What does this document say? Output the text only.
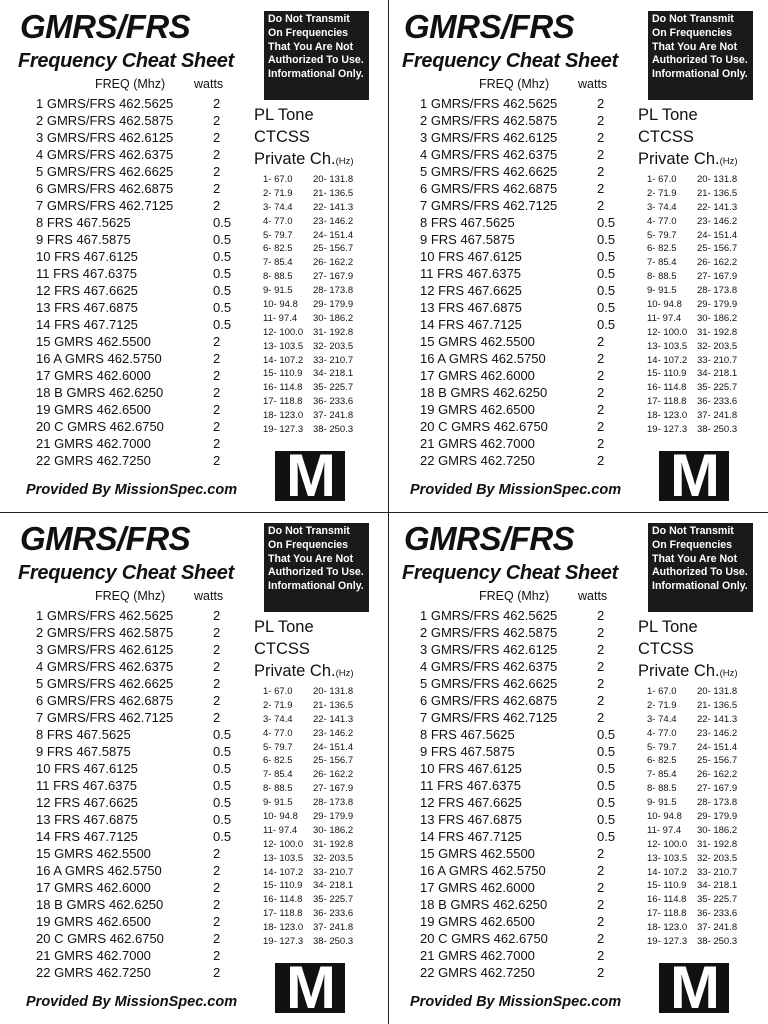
GMRS/FRS
Frequency Cheat Sheet
Do Not Transmit On Frequencies That You Are Not Authorized To Use. Informational Only.
FREQ (Mhz) watts
1 GMRS/FRS 462.5625	2
2 GMRS/FRS 462.5875	2
3 GMRS/FRS 462.6125	2
4 GMRS/FRS 462.6375	2
5 GMRS/FRS 462.6625	2
6 GMRS/FRS 462.6875	2
7 GMRS/FRS 462.7125	2
8 FRS 467.5625	0.5
9 FRS 467.5875	0.5
10 FRS 467.6125	0.5
11 FRS 467.6375	0.5
12 FRS 467.6625	0.5
13 FRS 467.6875	0.5
14 FRS 467.7125	0.5
15 GMRS 462.5500	2
16 A GMRS 462.5750	2
17 GMRS 462.6000	2
18 B GMRS 462.6250	2
19 GMRS 462.6500	2
20 C GMRS 462.6750	2
21 GMRS 462.7000	2
22 GMRS 462.7250	2
PL Tone
CTCSS
Private Ch.(Hz)
1- 67.0 20- 131.8
2- 71.9 21- 136.5
3- 74.4 22- 141.3
4- 77.0 23- 146.2
5- 79.7 24- 151.4
6- 82.5 25- 156.7
7- 85.4 26- 162.2
8- 88.5 27- 167.9
9- 91.5 28- 173.8
10- 94.8 29- 179.9
11- 97.4 30- 186.2
12- 100.0 31- 192.8
13- 103.5 32- 203.5
14- 107.2 33- 210.7
15- 110.9 34- 218.1
16- 114.8 35- 225.7
17- 118.8 36- 233.6
18- 123.0 37- 241.8
19- 127.3 38- 250.3
M
Provided By MissionSpec.com
GMRS/FRS
Frequency Cheat Sheet
Do Not Transmit On Frequencies That You Are Not Authorized To Use. Informational Only.
FREQ (Mhz) watts
1 GMRS/FRS 462.5625	2
2 GMRS/FRS 462.5875	2
3 GMRS/FRS 462.6125	2
4 GMRS/FRS 462.6375	2
5 GMRS/FRS 462.6625	2
6 GMRS/FRS 462.6875	2
7 GMRS/FRS 462.7125	2
8 FRS 467.5625	0.5
9 FRS 467.5875	0.5
10 FRS 467.6125	0.5
11 FRS 467.6375	0.5
12 FRS 467.6625	0.5
13 FRS 467.6875	0.5
14 FRS 467.7125	0.5
15 GMRS 462.5500	2
16 A GMRS 462.5750	2
17 GMRS 462.6000	2
18 B GMRS 462.6250	2
19 GMRS 462.6500	2
20 C GMRS 462.6750	2
21 GMRS 462.7000	2
22 GMRS 462.7250	2
PL Tone
CTCSS
Private Ch.(Hz)
1- 67.0 20- 131.8
2- 71.9 21- 136.5
3- 74.4 22- 141.3
4- 77.0 23- 146.2
5- 79.7 24- 151.4
6- 82.5 25- 156.7
7- 85.4 26- 162.2
8- 88.5 27- 167.9
9- 91.5 28- 173.8
10- 94.8 29- 179.9
11- 97.4 30- 186.2
12- 100.0 31- 192.8
13- 103.5 32- 203.5
14- 107.2 33- 210.7
15- 110.9 34- 218.1
16- 114.8 35- 225.7
17- 118.8 36- 233.6
18- 123.0 37- 241.8
19- 127.3 38- 250.3
M
Provided By MissionSpec.com
GMRS/FRS
Frequency Cheat Sheet
Do Not Transmit On Frequencies That You Are Not Authorized To Use. Informational Only.
FREQ (Mhz) watts
1 GMRS/FRS 462.5625	2
2 GMRS/FRS 462.5875	2
3 GMRS/FRS 462.6125	2
4 GMRS/FRS 462.6375	2
5 GMRS/FRS 462.6625	2
6 GMRS/FRS 462.6875	2
7 GMRS/FRS 462.7125	2
8 FRS 467.5625	0.5
9 FRS 467.5875	0.5
10 FRS 467.6125	0.5
11 FRS 467.6375	0.5
12 FRS 467.6625	0.5
13 FRS 467.6875	0.5
14 FRS 467.7125	0.5
15 GMRS 462.5500	2
16 A GMRS 462.5750	2
17 GMRS 462.6000	2
18 B GMRS 462.6250	2
19 GMRS 462.6500	2
20 C GMRS 462.6750	2
21 GMRS 462.7000	2
22 GMRS 462.7250	2
PL Tone
CTCSS
Private Ch.(Hz)
1- 67.0 20- 131.8
2- 71.9 21- 136.5
3- 74.4 22- 141.3
4- 77.0 23- 146.2
5- 79.7 24- 151.4
6- 82.5 25- 156.7
7- 85.4 26- 162.2
8- 88.5 27- 167.9
9- 91.5 28- 173.8
10- 94.8 29- 179.9
11- 97.4 30- 186.2
12- 100.0 31- 192.8
13- 103.5 32- 203.5
14- 107.2 33- 210.7
15- 110.9 34- 218.1
16- 114.8 35- 225.7
17- 118.8 36- 233.6
18- 123.0 37- 241.8
19- 127.3 38- 250.3
M
Provided By MissionSpec.com
GMRS/FRS
Frequency Cheat Sheet
Do Not Transmit On Frequencies That You Are Not Authorized To Use. Informational Only.
FREQ (Mhz) watts
1 GMRS/FRS 462.5625	2
2 GMRS/FRS 462.5875	2
3 GMRS/FRS 462.6125	2
4 GMRS/FRS 462.6375	2
5 GMRS/FRS 462.6625	2
6 GMRS/FRS 462.6875	2
7 GMRS/FRS 462.7125	2
8 FRS 467.5625	0.5
9 FRS 467.5875	0.5
10 FRS 467.6125	0.5
11 FRS 467.6375	0.5
12 FRS 467.6625	0.5
13 FRS 467.6875	0.5
14 FRS 467.7125	0.5
15 GMRS 462.5500	2
16 A GMRS 462.5750	2
17 GMRS 462.6000	2
18 B GMRS 462.6250	2
19 GMRS 462.6500	2
20 C GMRS 462.6750	2
21 GMRS 462.7000	2
22 GMRS 462.7250	2
PL Tone
CTCSS
Private Ch.(Hz)
1- 67.0 20- 131.8
2- 71.9 21- 136.5
3- 74.4 22- 141.3
4- 77.0 23- 146.2
5- 79.7 24- 151.4
6- 82.5 25- 156.7
7- 85.4 26- 162.2
8- 88.5 27- 167.9
9- 91.5 28- 173.8
10- 94.8 29- 179.9
11- 97.4 30- 186.2
12- 100.0 31- 192.8
13- 103.5 32- 203.5
14- 107.2 33- 210.7
15- 110.9 34- 218.1
16- 114.8 35- 225.7
17- 118.8 36- 233.6
18- 123.0 37- 241.8
19- 127.3 38- 250.3
M
Provided By MissionSpec.com
